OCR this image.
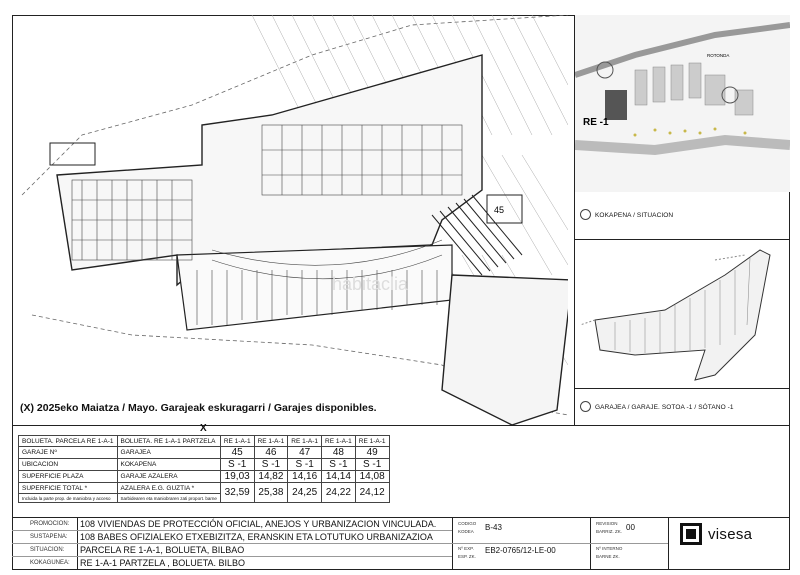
45
habitaclia
(X) 2025eko Maiatza / Mayo. Garajeak eskuragarri / Garajes disponibles.
RE -1
ROTONDA
KOKAPENA / SITUACION
GARAJEA / GARAJE. SOTOA -1 / SÓTANO -1
X
BOLUETA. PARCELA RE 1-A-1	BOLUETA. RE 1-A-1 PARTZELA	RE 1-A-1	RE 1-A-1	RE 1-A-1	RE 1-A-1	RE 1-A-1
GARAJE Nº	GARAJEA	45	46	47	48	49
UBICACION	KOKAPENA	S -1	S -1	S -1	S -1	S -1
SUPERFICIE PLAZA	GARAJE AZALERA	19,03	14,82	14,16	14,14	14,08
SUPERFICIE TOTAL *	AZALERA E.G. GUZTIA *	32,59	25,38	24,25	24,22	24,12
Incluida la parte prop. de maniobra y acceso	Sarbidearen eta maniobraren zati proport. barne					
PROMOCION: 108 VIVIENDAS DE PROTECCIÓN OFICIAL, ANEJOS Y URBANIZACION VINCULADA.
SUSTAPENA: 108 BABES OFIZIALEKO ETXEBIZITZA, ERANSKIN ETA LOTUTUKO URBANIZAZIOA
SITUACION: PARCELA RE 1-A-1, BOLUETA, BILBAO
KOKAGUNEA: RE 1-A-1 PARTZELA , BOLUETA. BILBO
CODIGO
KODEA B-43
Nº EXP.
ESP. ZK.
EB2-0765/12-LE-00
REVISION
BARRIZ. ZK. 00
Nº INTERNO
BARNE ZK.
visesa
